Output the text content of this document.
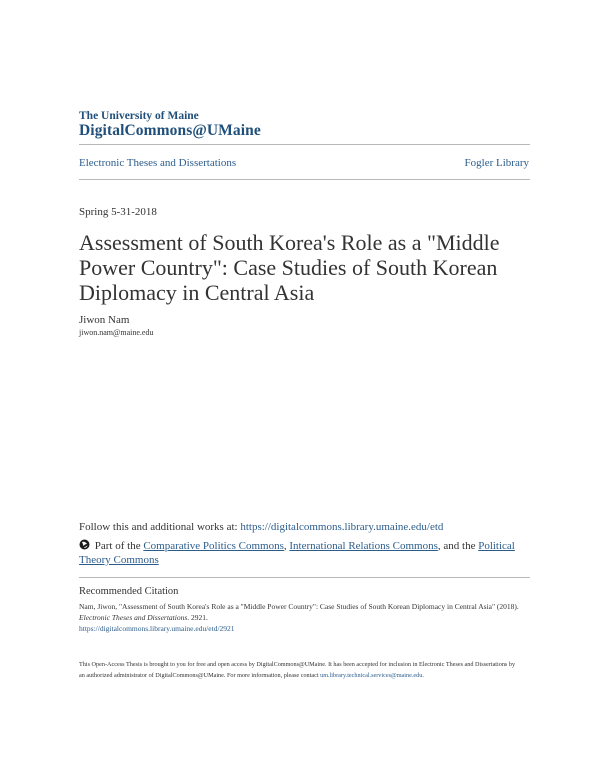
The University of Maine
DigitalCommons@UMaine
Electronic Theses and Dissertations	Fogler Library
Spring 5-31-2018
Assessment of South Korea's Role as a "Middle Power Country": Case Studies of South Korean Diplomacy in Central Asia
Jiwon Nam
jiwon.nam@maine.edu
Follow this and additional works at: https://digitalcommons.library.umaine.edu/etd
Part of the Comparative Politics Commons, International Relations Commons, and the Political Theory Commons
Recommended Citation
Nam, Jiwon, "Assessment of South Korea's Role as a "Middle Power Country": Case Studies of South Korean Diplomacy in Central Asia" (2018). Electronic Theses and Dissertations. 2921.
https://digitalcommons.library.umaine.edu/etd/2921
This Open-Access Thesis is brought to you for free and open access by DigitalCommons@UMaine. It has been accepted for inclusion in Electronic Theses and Dissertations by an authorized administrator of DigitalCommons@UMaine. For more information, please contact um.library.technical.services@maine.edu.
